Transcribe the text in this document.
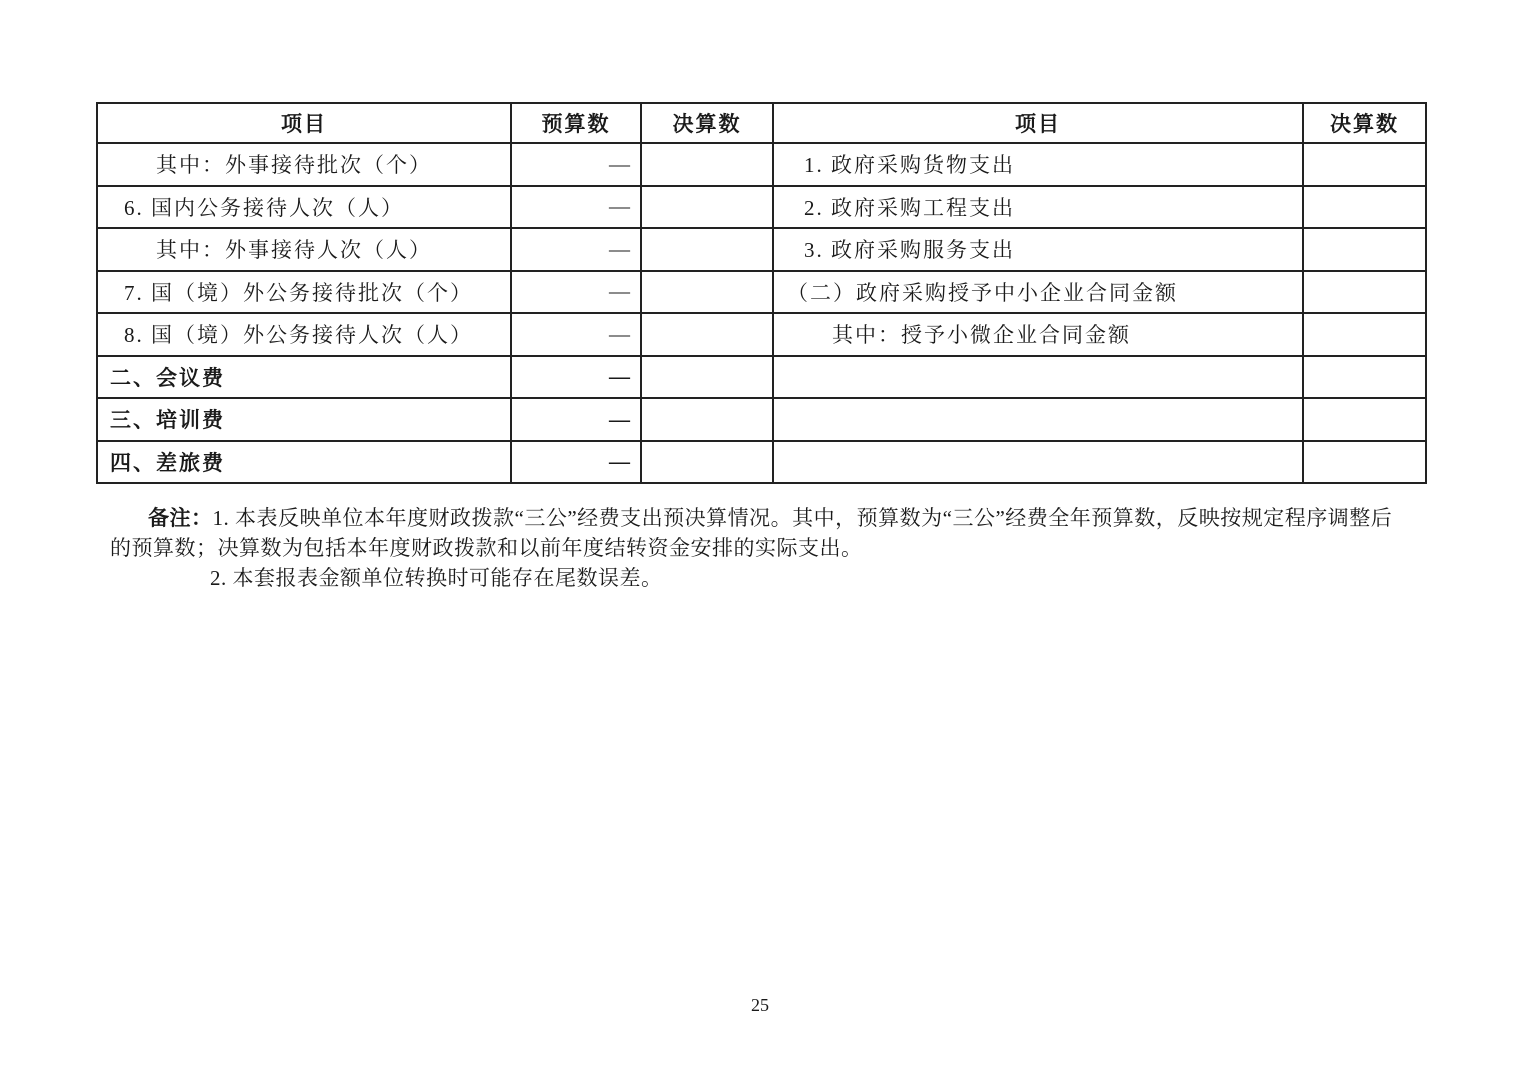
项目	预算数	决算数	项目	决算数
其中：外事接待批次（个）	—		1. 政府采购货物支出	
6. 国内公务接待人次（人）	—		2. 政府采购工程支出	
其中：外事接待人次（人）	—		3. 政府采购服务支出	
7. 国（境）外公务接待批次（个）	—		（二）政府采购授予中小企业合同金额	
8. 国（境）外公务接待人次（人）	—		其中：授予小微企业合同金额	
二、会议费	—			
三、培训费	—			
四、差旅费	—			
备注：1. 本表反映单位本年度财政拨款“三公”经费支出预决算情况。其中，预算数为“三公”经费全年预算数，反映按规定程序调整后
的预算数；决算数为包括本年度财政拨款和以前年度结转资金安排的实际支出。
2. 本套报表金额单位转换时可能存在尾数误差。
25
